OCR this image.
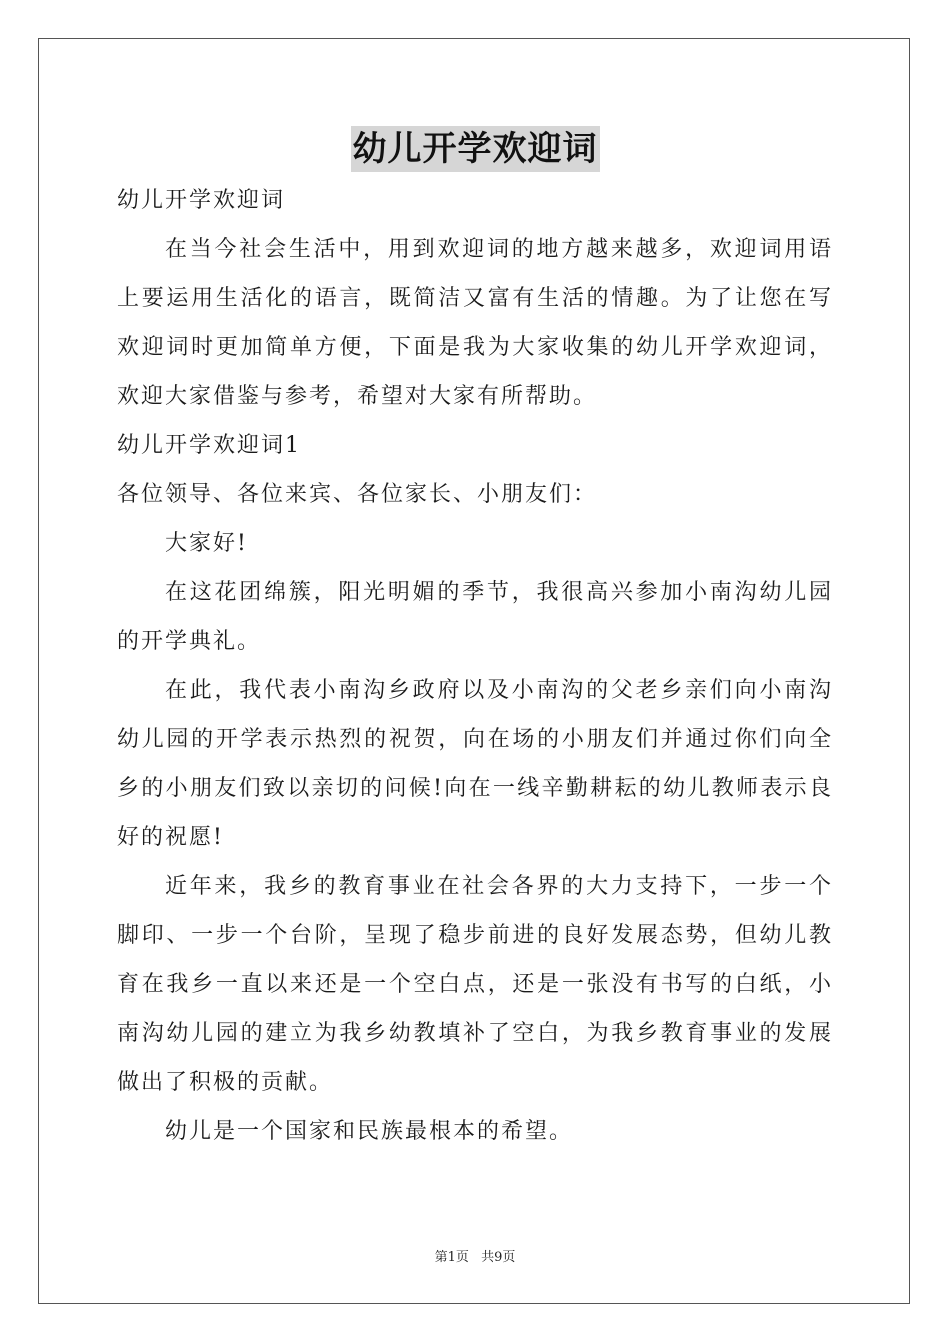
幼儿开学欢迎词

幼儿开学欢迎词

在当今社会生活中，用到欢迎词的地方越来越多，欢迎词用语上要运用生活化的语言，既简洁又富有生活的情趣。为了让您在写欢迎词时更加简单方便，下面是我为大家收集的幼儿开学欢迎词，欢迎大家借鉴与参考，希望对大家有所帮助。

幼儿开学欢迎词1

各位领导、各位来宾、各位家长、小朋友们：

大家好!

在这花团绵簇，阳光明媚的季节，我很高兴参加小南沟幼儿园的开学典礼。

在此，我代表小南沟乡政府以及小南沟的父老乡亲们向小南沟幼儿园的开学表示热烈的祝贺，向在场的小朋友们并通过你们向全乡的小朋友们致以亲切的问候!向在一线辛勤耕耘的幼儿教师表示良好的祝愿!

近年来，我乡的教育事业在社会各界的大力支持下，一步一个脚印、一步一个台阶，呈现了稳步前进的良好发展态势，但幼儿教育在我乡一直以来还是一个空白点，还是一张没有书写的白纸，小南沟幼儿园的建立为我乡幼教填补了空白，为我乡教育事业的发展做出了积极的贡献。

幼儿是一个国家和民族最根本的希望。

第1页 共9页
